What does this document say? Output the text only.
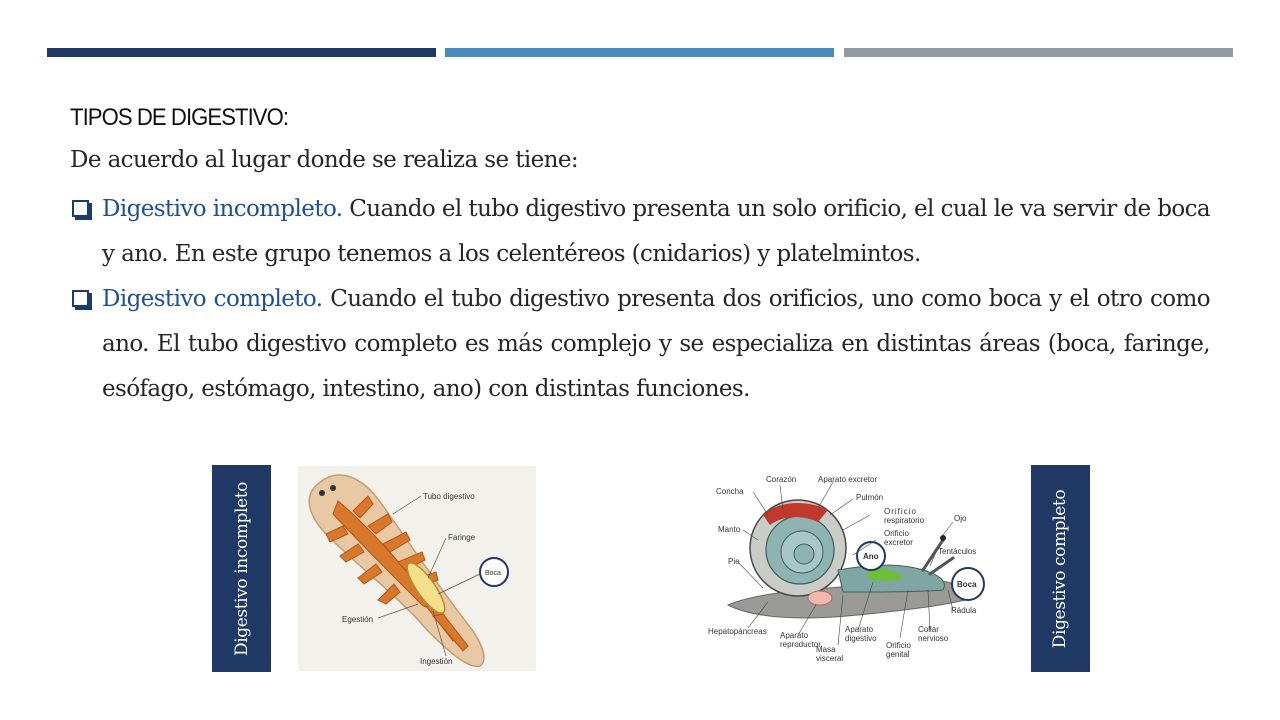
TIPOS DE DIGESTIVO:
De acuerdo al lugar donde se realiza se tiene:
Digestivo incompleto. Cuando el tubo digestivo presenta un solo orificio, el cual le va servir de boca y ano. En este grupo tenemos a los celentéreos (cnidarios) y platelmintos.
Digestivo completo. Cuando el tubo digestivo presenta dos orificios, uno como boca y el otro como ano. El tubo digestivo completo es más complejo y se especializa en distintas áreas (boca, faringe, esófago, estómago, intestino, ano) con distintas funciones.
Digestivo incompleto	Digestivo completo
Boca
Tubo digestivo
Faringe
Egestión
Ingestión
Ano
Boca
Corazón	Aparato excretor
Concha
Pulmón
Orificio
respiratorio
Manto	Orificio
excretor
Ojo
Tentáculos
Pie
Rádula
Hepatopáncreas Aparato
reproductor
Masa
visceral
Aparato
digestivo
Orificio
genital
Collar
nervioso
